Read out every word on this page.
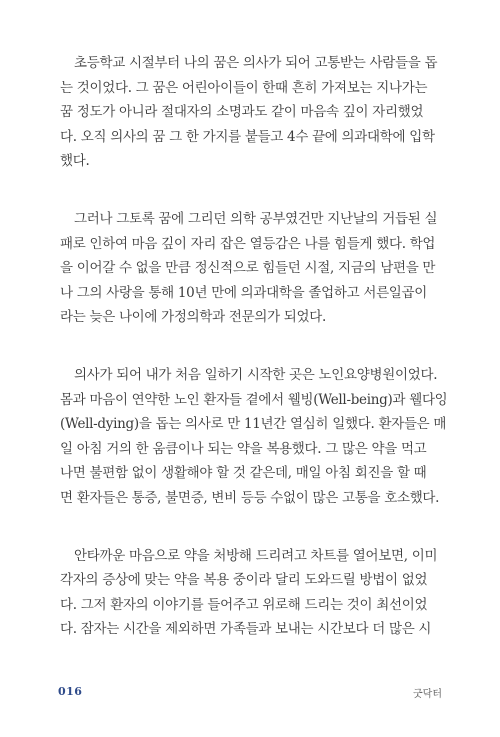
초등학교 시절부터 나의 꿈은 의사가 되어 고통받는 사람들을 돕
는 것이었다. 그 꿈은 어린아이들이 한때 흔히 가져보는 지나가는
꿈 정도가 아니라 절대자의 소명과도 같이 마음속 깊이 자리했었
다. 오직 의사의 꿈 그 한 가지를 붙들고 4수 끝에 의과대학에 입학
했다.

그러나 그토록 꿈에 그리던 의학 공부였건만 지난날의 거듭된 실
패로 인하여 마음 깊이 자리 잡은 열등감은 나를 힘들게 했다. 학업
을 이어갈 수 없을 만큼 정신적으로 힘들던 시절, 지금의 남편을 만
나 그의 사랑을 통해 10년 만에 의과대학을 졸업하고 서른일곱이
라는 늦은 나이에 가정의학과 전문의가 되었다.

의사가 되어 내가 처음 일하기 시작한 곳은 노인요양병원이었다.
몸과 마음이 연약한 노인 환자들 곁에서 웰빙(Well-being)과 웰다잉
(Well-dying)을 돕는 의사로 만 11년간 열심히 일했다. 환자들은 매
일 아침 거의 한 움큼이나 되는 약을 복용했다. 그 많은 약을 먹고
나면 불편함 없이 생활해야 할 것 같은데, 매일 아침 회진을 할 때
면 환자들은 통증, 불면증, 변비 등등 수없이 많은 고통을 호소했다.

안타까운 마음으로 약을 처방해 드리려고 차트를 열어보면, 이미
각자의 증상에 맞는 약을 복용 중이라 달리 도와드릴 방법이 없었
다. 그저 환자의 이야기를 들어주고 위로해 드리는 것이 최선이었
다. 잠자는 시간을 제외하면 가족들과 보내는 시간보다 더 많은 시

016	굿닥터
